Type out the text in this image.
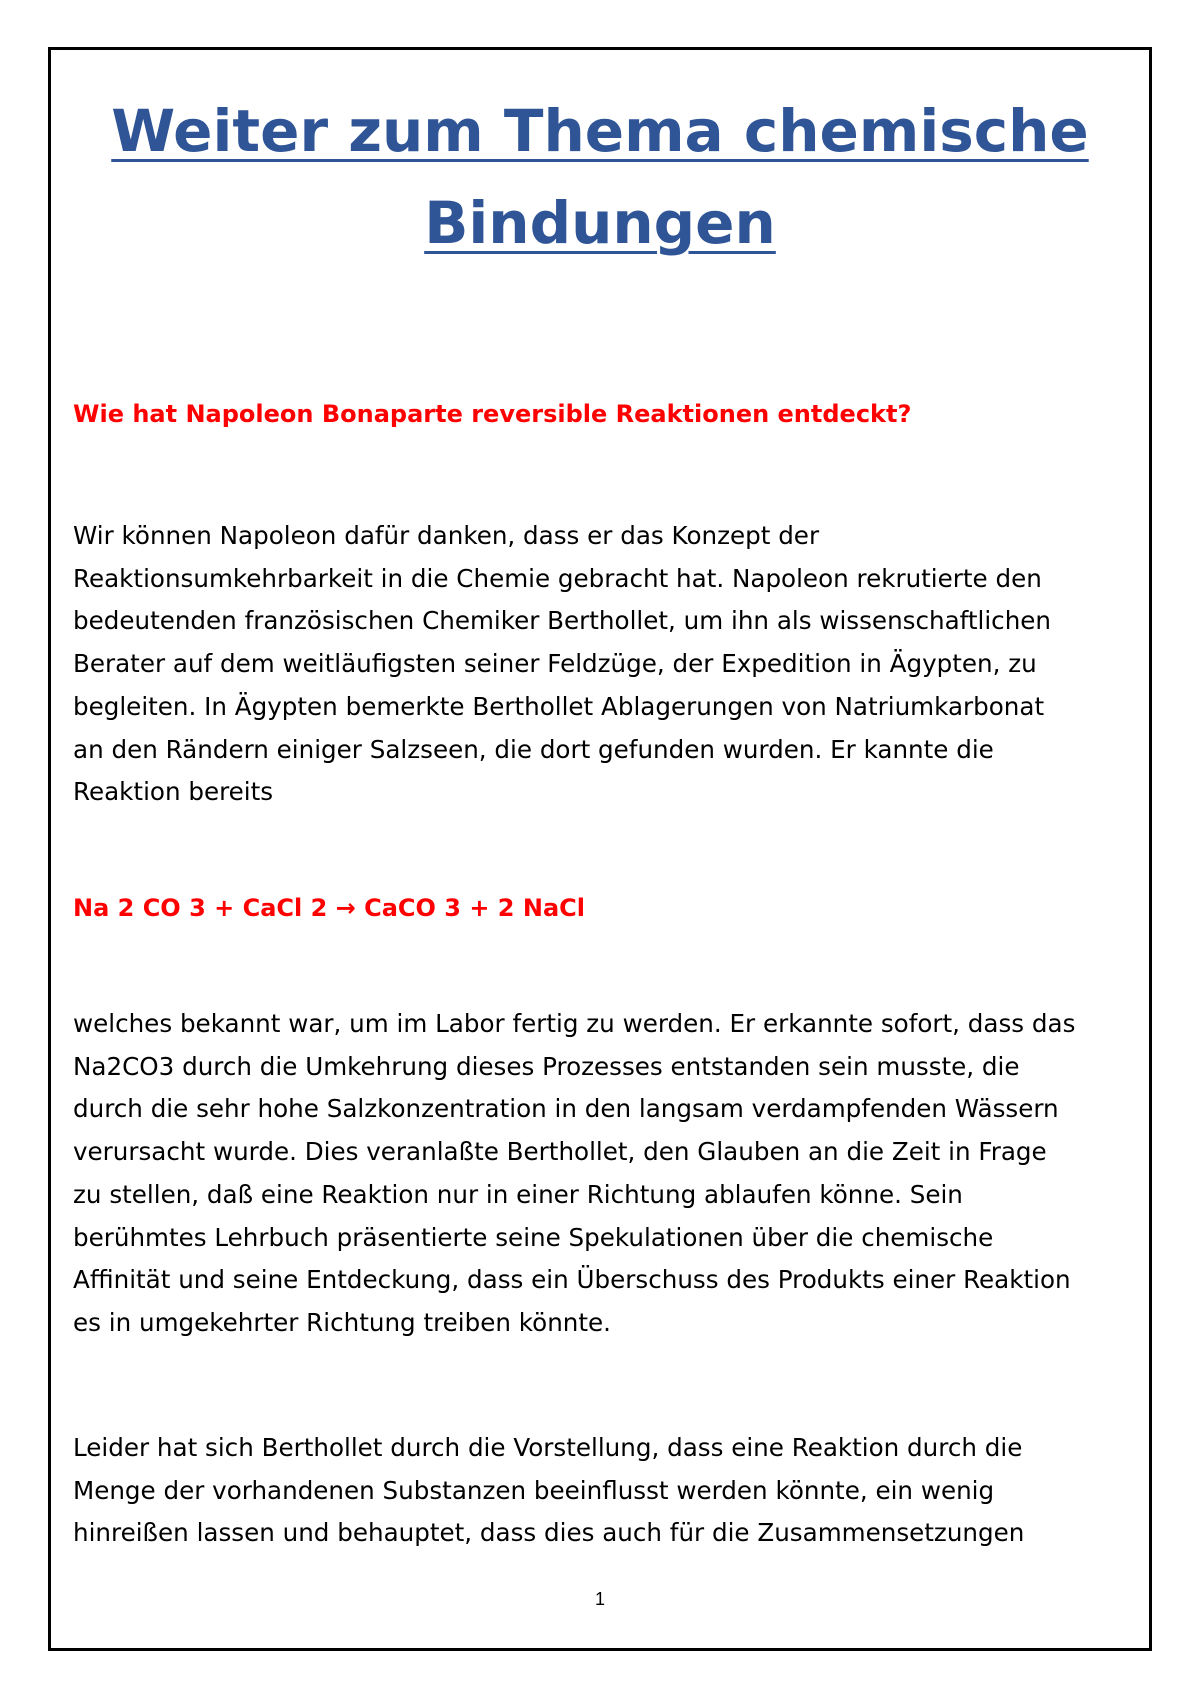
Weiter zum Thema chemische Bindungen

Wie hat Napoleon Bonaparte reversible Reaktionen entdeckt?

Wir können Napoleon dafür danken, dass er das Konzept der
Reaktionsumkehrbarkeit in die Chemie gebracht hat. Napoleon rekrutierte den
bedeutenden französischen Chemiker Berthollet, um ihn als wissenschaftlichen
Berater auf dem weitläufigsten seiner Feldzüge, der Expedition in Ägypten, zu
begleiten. In Ägypten bemerkte Berthollet Ablagerungen von Natriumkarbonat
an den Rändern einiger Salzseen, die dort gefunden wurden. Er kannte die
Reaktion bereits

Na 2 CO 3 + CaCl 2 → CaCO 3 + 2 NaCl

welches bekannt war, um im Labor fertig zu werden. Er erkannte sofort, dass das
Na2CO3 durch die Umkehrung dieses Prozesses entstanden sein musste, die
durch die sehr hohe Salzkonzentration in den langsam verdampfenden Wässern
verursacht wurde. Dies veranlaßte Berthollet, den Glauben an die Zeit in Frage
zu stellen, daß eine Reaktion nur in einer Richtung ablaufen könne. Sein
berühmtes Lehrbuch präsentierte seine Spekulationen über die chemische
Affinität und seine Entdeckung, dass ein Überschuss des Produkts einer Reaktion
es in umgekehrter Richtung treiben könnte.
Leider hat sich Berthollet durch die Vorstellung, dass eine Reaktion durch die
Menge der vorhandenen Substanzen beeinflusst werden könnte, ein wenig
hinreißen lassen und behauptet, dass dies auch für die Zusammensetzungen
1
